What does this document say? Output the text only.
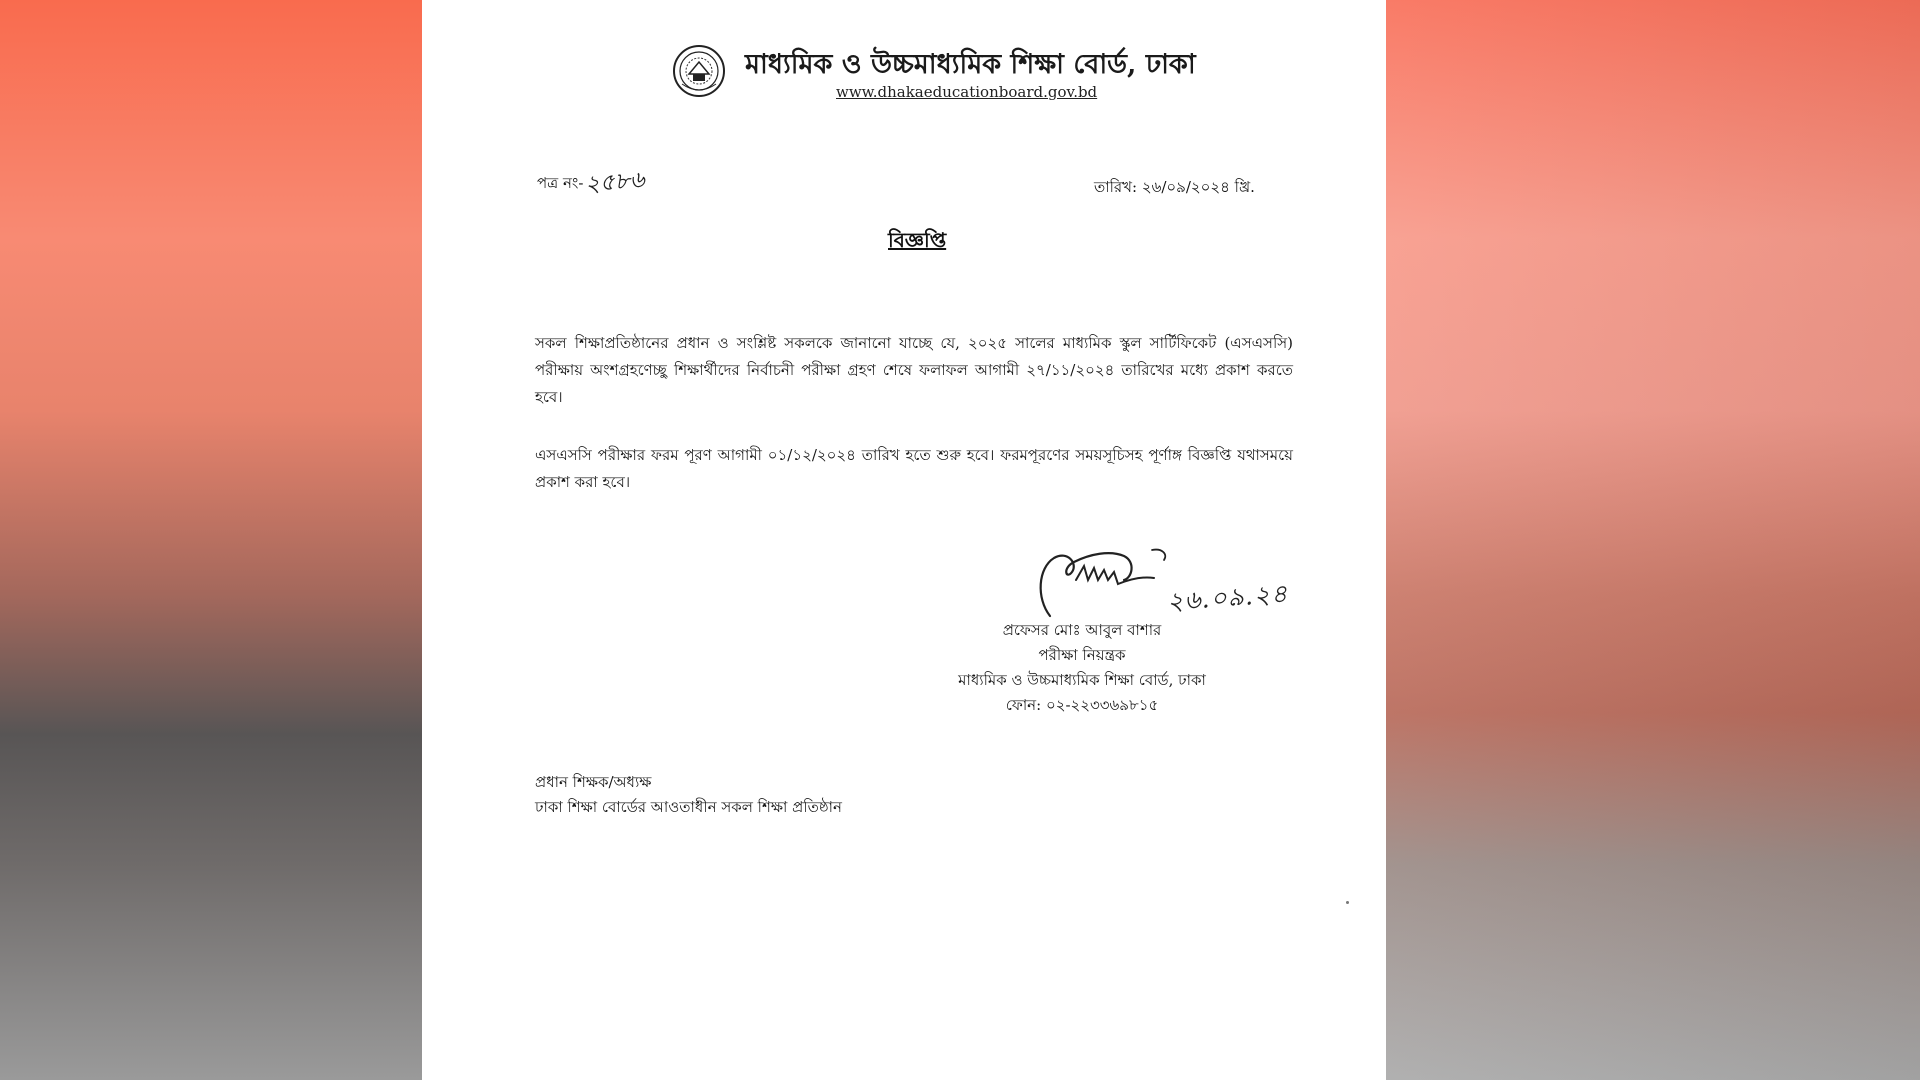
মাধ্যমিক ও উচ্চমাধ্যমিক শিক্ষা বোর্ড, ঢাকা
www.dhakaeducationboard.gov.bd
পত্র নং- ২৫৮৬	তারিখ: ২৬/০৯/২০২৪ খ্রি.
বিজ্ঞপ্তি
সকল শিক্ষাপ্রতিষ্ঠানের প্রধান ও সংশ্লিষ্ট সকলকে জানানো যাচ্ছে যে, ২০২৫ সালের মাধ্যমিক স্কুল সার্টিফিকেট (এসএসসি) পরীক্ষায় অংশগ্রহণেচ্ছু শিক্ষার্থীদের নির্বাচনী পরীক্ষা গ্রহণ শেষে ফলাফল আগামী ২৭/১১/২০২৪ তারিখের মধ্যে প্রকাশ করতে হবে।
এসএসসি পরীক্ষার ফরম পূরণ আগামী ০১/১২/২০২৪ তারিখ হতে শুরু হবে। ফরমপূরণের সময়সূচিসহ পূর্ণাঙ্গ বিজ্ঞপ্তি যথাসময়ে প্রকাশ করা হবে।
২৬.০৯.২৪
প্রফেসর মোঃ আবুল বাশার
পরীক্ষা নিয়ন্ত্রক
মাধ্যমিক ও উচ্চমাধ্যমিক শিক্ষা বোর্ড, ঢাকা
ফোন: ০২-২২৩৩৬৯৮১৫
প্রধান শিক্ষক/অধ্যক্ষ
ঢাকা শিক্ষা বোর্ডের আওতাধীন সকল শিক্ষা প্রতিষ্ঠান
